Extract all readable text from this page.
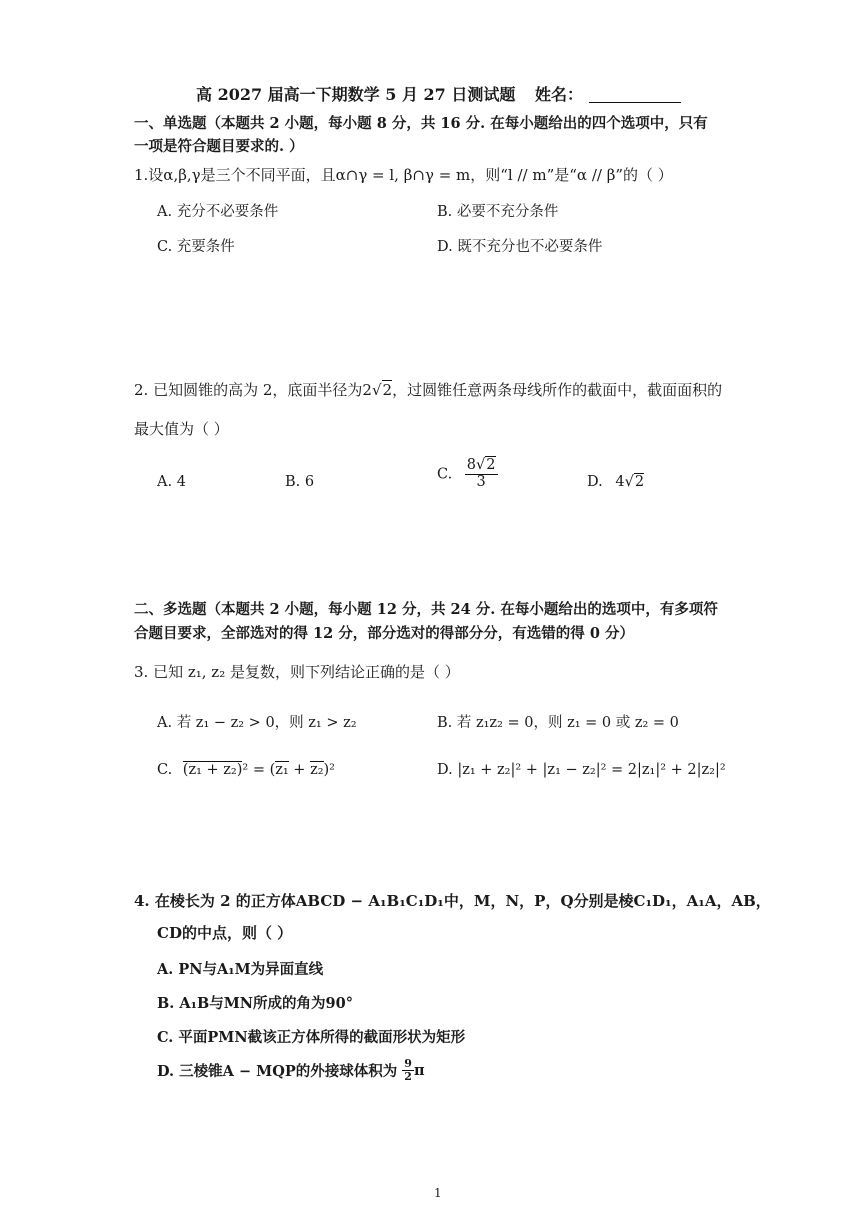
高 2027 届高一下期数学 5 月 27 日测试题 姓名：
一、单选题（本题共 2 小题，每小题 8 分，共 16 分. 在每小题给出的四个选项中，只有
一项是符合题目要求的. ）
1.设α,β,γ是三个不同平面，且α∩γ = l, β∩γ = m，则“l // m”是“α // β”的（ ）
A. 充分不必要条件	B. 必要不充分条件
C. 充要条件	D. 既不充分也不必要条件
2. 已知圆锥的高为 2，底面半径为2√2，过圆锥任意两条母线所作的截面中，截面面积的
最大值为（ ）
A. 4	B. 6	C. $\frac{8√2}{3}$	D. 4√2
二、多选题（本题共 2 小题，每小题 12 分，共 24 分. 在每小题给出的选项中，有多项符
合题目要求，全部选对的得 12 分，部分选对的得部分分，有选错的得 0 分）
3. 已知 z₁, z₂ 是复数，则下列结论正确的是（ ）
A. 若 z₁ − z₂ > 0，则 z₁ > z₂	B. 若 z₁z₂ = 0，则 z₁ = 0 或 z₂ = 0
C. (z₁ + z₂)² = (z₁ + z₂)²	D. |z₁ + z₂|² + |z₁ − z₂|² = 2|z₁|² + 2|z₂|²
4. 在棱长为 2 的正方体ABCD − A₁B₁C₁D₁中，M，N，P，Q分别是棱C₁D₁，A₁A，AB，
CD的中点，则（ ）
A. PN与A₁M为异面直线
B. A₁B与MN所成的角为90°
C. 平面PMN截该正方体所得的截面形状为矩形
D. 三棱锥A − MQP的外接球体积为 $\frac{9}{2}$ π
1
